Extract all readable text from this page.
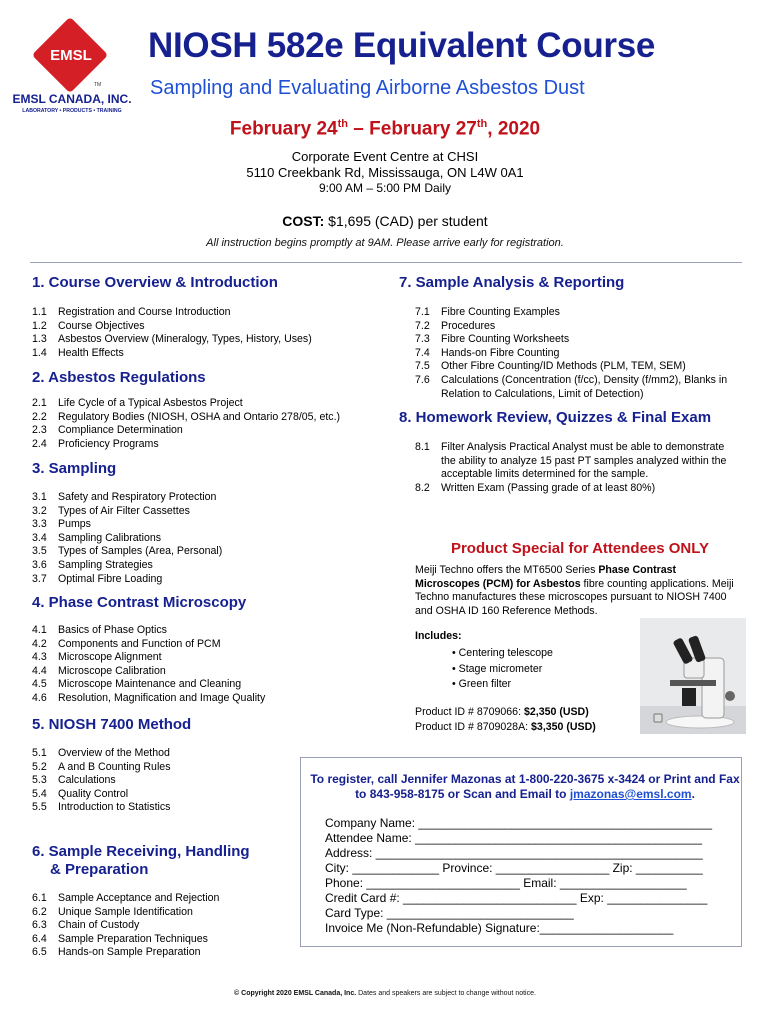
EMSL
TM
EMSL CANADA, INC.
LABORATORY • PRODUCTS • TRAINING
NIOSH 582e Equivalent Course
Sampling and Evaluating Airborne Asbestos Dust
February 24th – February 27th, 2020
Corporate Event Centre at CHSI
5110 Creekbank Rd, Mississauga, ON L4W 0A1
9:00 AM – 5:00 PM Daily
COST: $1,695 (CAD) per student
All instruction begins promptly at 9AM. Please arrive early for registration.
1. Course Overview & Introduction
1.1	Registration and Course Introduction
1.2	Course Objectives
1.3	Asbestos Overview (Mineralogy, Types, History, Uses)
1.4	Health Effects
2. Asbestos Regulations
2.1	Life Cycle of a Typical Asbestos Project
2.2	Regulatory Bodies (NIOSH, OSHA and Ontario 278/05, etc.)
2.3	Compliance Determination
2.4	Proficiency Programs
3. Sampling
3.1	Safety and Respiratory Protection
3.2	Types of Air Filter Cassettes
3.3	Pumps
3.4	Sampling Calibrations
3.5	Types of Samples (Area, Personal)
3.6	Sampling Strategies
3.7	Optimal Fibre Loading
4. Phase Contrast Microscopy
4.1	Basics of Phase Optics
4.2	Components and Function of PCM
4.3	Microscope Alignment
4.4	Microscope Calibration
4.5	Microscope Maintenance and Cleaning
4.6	Resolution, Magnification and Image Quality
5. NIOSH 7400 Method
5.1	Overview of the Method
5.2	A and B Counting Rules
5.3	Calculations
5.4	Quality Control
5.5	Introduction to Statistics
6. Sample Receiving, Handling
& Preparation
6.1	Sample Acceptance and Rejection
6.2	Unique Sample Identification
6.3	Chain of Custody
6.4	Sample Preparation Techniques
6.5	Hands-on Sample Preparation
7. Sample Analysis & Reporting
7.1	Fibre Counting Examples
7.2	Procedures
7.3	Fibre Counting Worksheets
7.4	Hands-on Fibre Counting
7.5	Other Fibre Counting/ID Methods (PLM, TEM, SEM)
7.6	Calculations (Concentration (f/cc), Density (f/mm2), Blanks in Relation to Calculations, Limit of Detection)
8. Homework Review, Quizzes & Final Exam
8.1	Filter Analysis Practical Analyst must be able to demonstrate the ability to analyze 15 past PT samples analyzed within the acceptable limits determined for the sample.
8.2	Written Exam (Passing grade of at least 80%)
Product Special for Attendees ONLY
Meiji Techno offers the MT6500 Series Phase Contrast Microscopes (PCM) for Asbestos fibre counting applications. Meiji Techno manufactures these microscopes pursuant to NIOSH 7400 and OSHA ID 160 Reference Methods.
Includes:
• Centering telescope
• Stage micrometer
• Green filter
Product ID # 8709066: $2,350 (USD)
Product ID # 8709028A: $3,350 (USD)
To register, call Jennifer Mazonas at 1-800-220-3675 x-3424 or Print and Fax to 843-958-8175 or Scan and Email to jmazonas@emsl.com.
Company Name: ____________________________________________
Attendee Name: ___________________________________________
Address: _________________________________________________
City: _____________ Province: _________________ Zip: __________
Phone: _______________________ Email: ___________________
Credit Card #: __________________________ Exp: _______________
Card Type: ____________________________
Invoice Me (Non-Refundable) Signature:____________________
© Copyright 2020 EMSL Canada, Inc. Dates and speakers are subject to change without notice.
